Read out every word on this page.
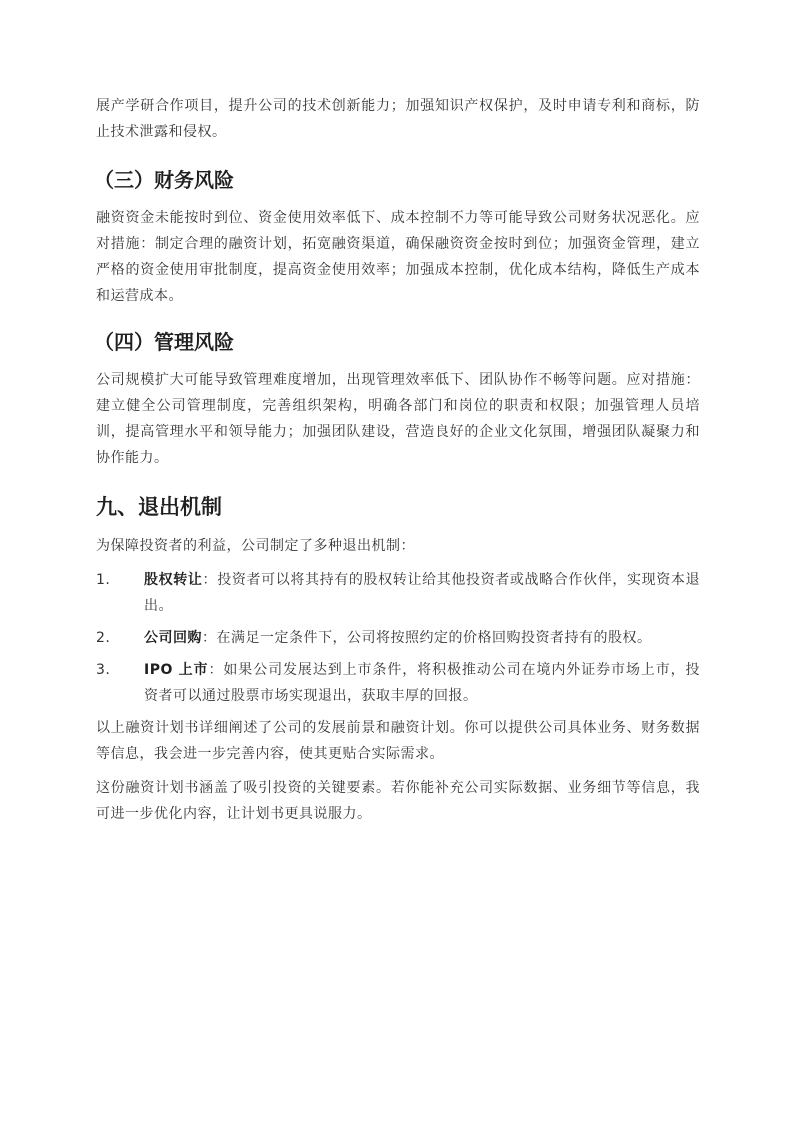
展产学研合作项目，提升公司的技术创新能力；加强知识产权保护，及时申请专利和商标，防止技术泄露和侵权。

（三）财务风险

融资资金未能按时到位、资金使用效率低下、成本控制不力等可能导致公司财务状况恶化。应对措施：制定合理的融资计划，拓宽融资渠道，确保融资资金按时到位；加强资金管理，建立严格的资金使用审批制度，提高资金使用效率；加强成本控制，优化成本结构，降低生产成本和运营成本。

（四）管理风险

公司规模扩大可能导致管理难度增加，出现管理效率低下、团队协作不畅等问题。应对措施：建立健全公司管理制度，完善组织架构，明确各部门和岗位的职责和权限；加强管理人员培训，提高管理水平和领导能力；加强团队建设，营造良好的企业文化氛围，增强团队凝聚力和协作能力。

九、退出机制

为保障投资者的利益，公司制定了多种退出机制：

1. 股权转让：投资者可以将其持有的股权转让给其他投资者或战略合作伙伴，实现资本退出。
2. 公司回购：在满足一定条件下，公司将按照约定的价格回购投资者持有的股权。
3. IPO 上市：如果公司发展达到上市条件，将积极推动公司在境内外证券市场上市，投资者可以通过股票市场实现退出，获取丰厚的回报。

以上融资计划书详细阐述了公司的发展前景和融资计划。你可以提供公司具体业务、财务数据等信息，我会进一步完善内容，使其更贴合实际需求。

这份融资计划书涵盖了吸引投资的关键要素。若你能补充公司实际数据、业务细节等信息，我可进一步优化内容，让计划书更具说服力。
